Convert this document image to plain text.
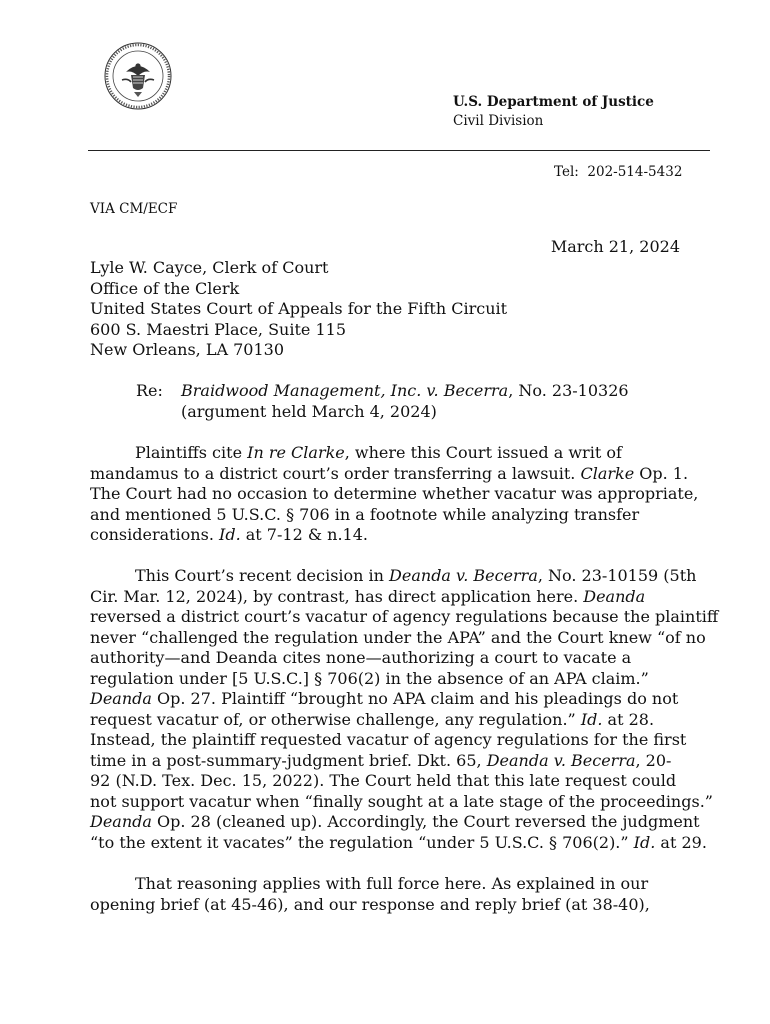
U.S. Department of Justice
Civil Division
Tel:  202-514-5432
VIA CM/ECF
March 21, 2024
Lyle W. Cayce, Clerk of Court
Office of the Clerk
United States Court of Appeals for the Fifth Circuit
600 S. Maestri Place, Suite 115
New Orleans, LA 70130
Re: Braidwood Management, Inc. v. Becerra, No. 23-10326
(argument held March 4, 2024)
Plaintiffs cite In re Clarke, where this Court issued a writ of
mandamus to a district court’s order transferring a lawsuit. Clarke Op. 1.
The Court had no occasion to determine whether vacatur was appropriate,
and mentioned 5 U.S.C. § 706 in a footnote while analyzing transfer
considerations. Id. at 7-12 & n.14.
This Court’s recent decision in Deanda v. Becerra, No. 23-10159 (5th
Cir. Mar. 12, 2024), by contrast, has direct application here. Deanda
reversed a district court’s vacatur of agency regulations because the plaintiff
never “challenged the regulation under the APA” and the Court knew “of no
authority—and Deanda cites none—authorizing a court to vacate a
regulation under [5 U.S.C.] § 706(2) in the absence of an APA claim.”
Deanda Op. 27. Plaintiff “brought no APA claim and his pleadings do not
request vacatur of, or otherwise challenge, any regulation.” Id. at 28.
Instead, the plaintiff requested vacatur of agency regulations for the first
time in a post-summary-judgment brief. Dkt. 65, Deanda v. Becerra, 20-
92 (N.D. Tex. Dec. 15, 2022). The Court held that this late request could
not support vacatur when “finally sought at a late stage of the proceedings.”
Deanda Op. 28 (cleaned up). Accordingly, the Court reversed the judgment
“to the extent it vacates” the regulation “under 5 U.S.C. § 706(2).” Id. at 29.
That reasoning applies with full force here. As explained in our
opening brief (at 45-46), and our response and reply brief (at 38-40),
